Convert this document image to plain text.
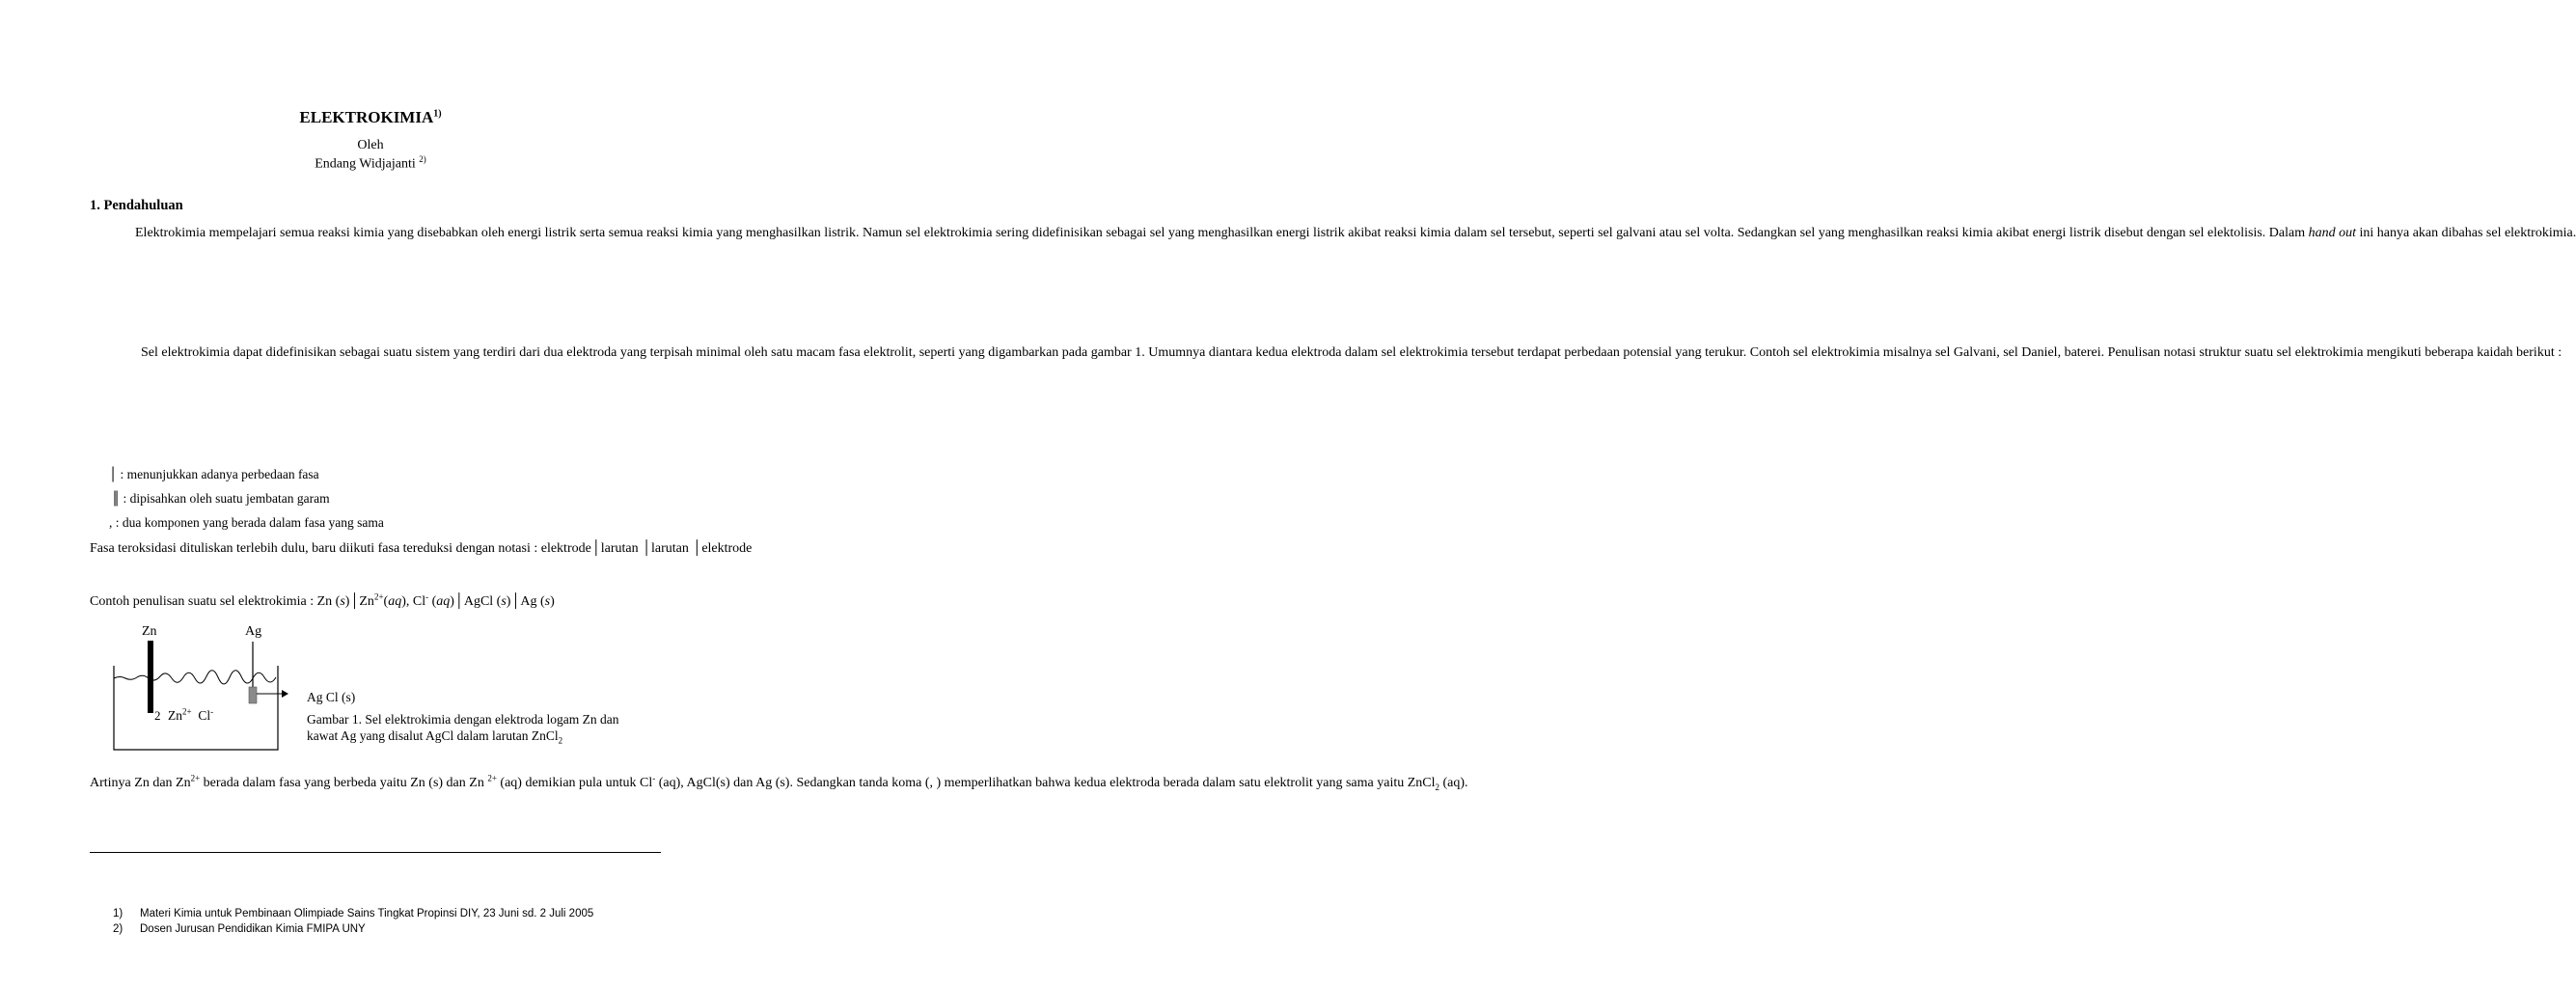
ELEKTROKIMIA$^{1)}$
Oleh
Endang Widjajanti $^{2)}$
1. Pendahuluan

Elektrokimia mempelajari semua reaksi kimia yang disebabkan oleh energi listrik serta semua reaksi kimia yang menghasilkan listrik. Namun sel elektrokimia sering didefinisikan sebagai sel yang menghasilkan energi listrik akibat reaksi kimia dalam sel tersebut, seperti sel galvani atau sel volta. Sedangkan sel yang menghasilkan reaksi kimia akibat energi listrik disebut dengan sel elektolisis. Dalam hand out ini hanya akan dibahas sel elektrokimia.

Sel elektrokimia dapat didefinisikan sebagai suatu sistem yang terdiri dari dua elektroda yang terpisah minimal oleh satu macam fasa elektrolit, seperti yang digambarkan pada gambar 1. Umumnya diantara kedua elektroda dalam sel elektrokimia tersebut terdapat perbedaan potensial yang terukur. Contoh sel elektrokimia misalnya sel Galvani, sel Daniel, baterei. Penulisan notasi struktur suatu sel elektrokimia mengikuti beberapa kaidah berikut :

│ : menunjukkan adanya perbedaan fasa
║ : dipisahkan oleh suatu jembatan garam
, : dua komponen yang berada dalam fasa yang sama

Fasa teroksidasi dituliskan terlebih dulu, baru diikuti fasa tereduksi dengan notasi : elektrode│larutan │larutan │elektrode

Contoh penulisan suatu sel elektrokimia : Zn $(s)│Zn^{2+}(aq)$, Cl- (aq)│AgCl (s)│Ag (s)
Zn	Ag
2 $Zn^{2+}$ Cl-
Ag Cl (s)
Gambar 1. Sel elektrokimia dengan elektroda logam Zn dan
kawat Ag yang disalut AgCl dalam larutan ZnCl$_2$

Artinya Zn dan $Zn^{2+}$ berada dalam fasa yang berbeda yaitu Zn (s) dan Zn $^{2+}$ (aq) demikian pula untuk Cl- (aq), AgCl(s) dan Ag (s). Sedangkan tanda koma (, ) memperlihatkan bahwa kedua elektroda berada dalam satu elektrolit yang sama yaitu ZnCl$_2$ (aq).

1) Materi Kimia untuk Pembinaan Olimpiade Sains Tingkat Propinsi DIY, 23 Juni sd. 2 Juli 2005
2) Dosen Jurusan Pendidikan Kimia FMIPA UNY
